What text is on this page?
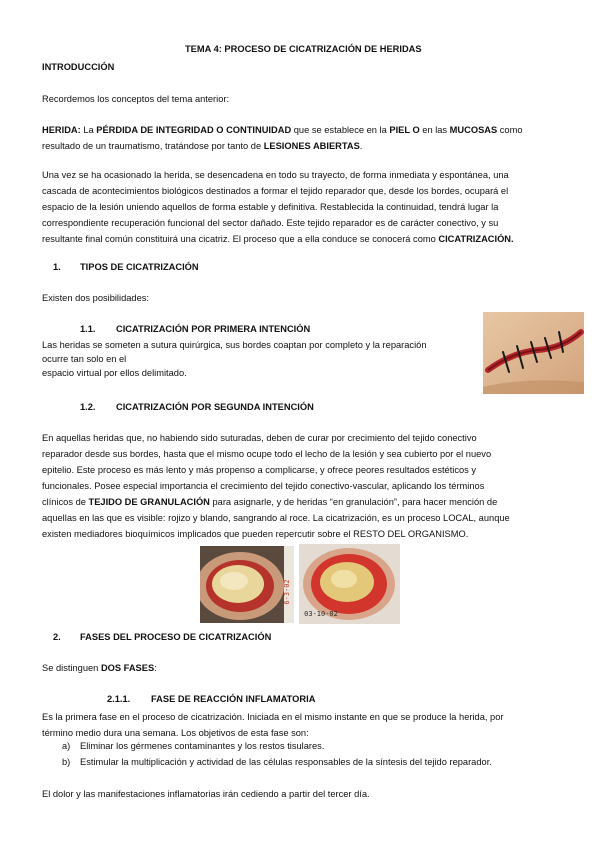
TEMA 4: PROCESO DE CICATRIZACIÓN DE HERIDAS
INTRODUCCIÓN
Recordemos los conceptos del tema anterior:

HERIDA: La PÉRDIDA DE INTEGRIDAD O CONTINUIDAD que se establece en la PIEL O en las MUCOSAS como

resultado de un traumatismo, tratándose por tanto de LESIONES ABIERTAS.

Una vez se ha ocasionado la herida, se desencadena en todo su trayecto, de forma inmediata y espontánea, una

cascada de acontecimientos biológicos destinados a formar el tejido reparador que, desde los bordes, ocupará el

espacio de la lesión uniendo aquellos de forma estable y definitiva. Restablecida la continuidad, tendrá lugar la

correspondiente recuperación funcional del sector dañado. Este tejido reparador es de carácter conectivo, y su

resultante final común constituirá una cicatriz. El proceso que a ella conduce se conocerá como CICATRIZACIÓN.

1. TIPOS DE CICATRIZACIÓN
Existen dos posibilidades:
1.1. CICATRIZACIÓN POR PRIMERA INTENCIÓN

Las heridas se someten a sutura quirúrgica, sus bordes coaptan por completo y la reparación

ocurre tan solo en el

espacio virtual por ellos delimitado.

1.2. CICATRIZACIÓN POR SEGUNDA INTENCIÓN

En aquellas heridas que, no habiendo sido suturadas, deben de curar por crecimiento del tejido conectivo

reparador desde sus bordes, hasta que el mismo ocupe todo el lecho de la lesión y sea cubierto por el nuevo

epitelio. Este proceso es más lento y más propenso a complicarse, y ofrece peores resultados estéticos y

funcionales. Posee especial importancia el crecimiento del tejido conectivo-vascular, aplicando los términos

clínicos de TEJIDO DE GRANULACIÓN para asignarle, y de heridas “en granulación”, para hacer mención de

aquellas en las que es visible: rojizo y blando, sangrando al roce. La cicatrización, es un proceso LOCAL, aunque

existen mediadores bioquímicos implicados que pueden repercutir sobre el RESTO DEL ORGANISMO.

6-3-02
03-10-02
2. FASES DEL PROCESO DE CICATRIZACIÓN
Se distinguen DOS FASES:
2.1.1. FASE DE REACCIÓN INFLAMATORIA

Es la primera fase en el proceso de cicatrización. Iniciada en el mismo instante en que se produce la herida, por

término medio dura una semana. Los objetivos de esta fase son:

a) Eliminar los gérmenes contaminantes y los restos tisulares.
b) Estimular la multiplicación y actividad de las células responsables de la síntesis del tejido reparador.
El dolor y las manifestaciones inflamatorias irán cediendo a partir del tercer día.
